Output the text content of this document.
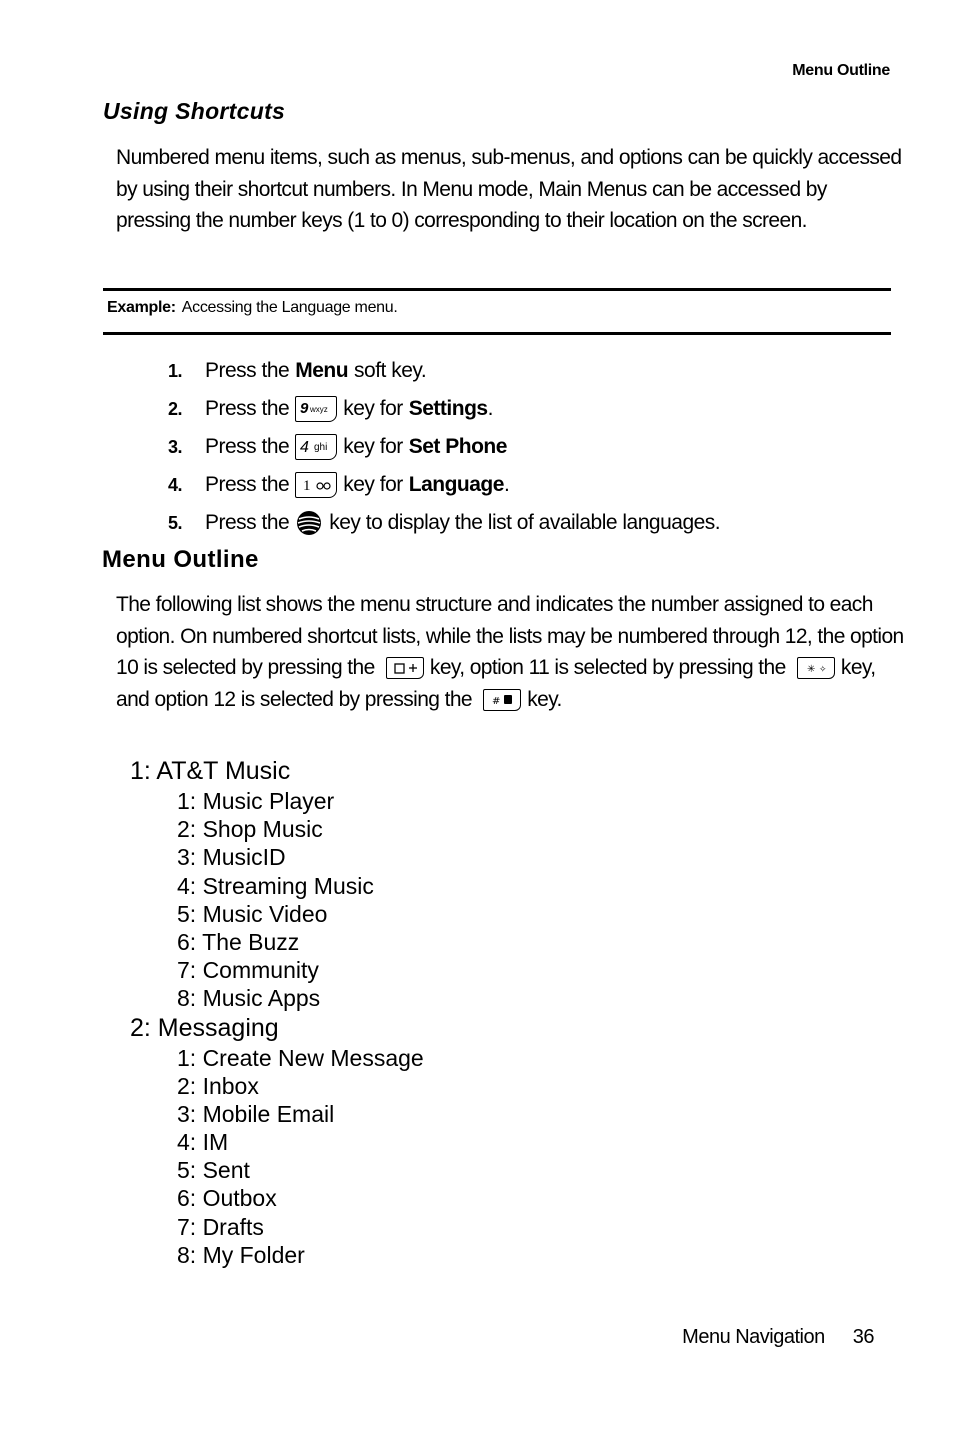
Menu Outline
Using Shortcuts
Numbered menu items, such as menus, sub-menus, and options can be quickly accessed by using their shortcut numbers. In Menu mode, Main Menus can be accessed by pressing the number keys (1 to 0) corresponding to their location on the screen.
Example: Accessing the Language menu.
1. Press the Menu soft key.
2. Press the 9 wxyz key for Settings.
3. Press the 4 ghi key for Set Phone
4. Press the 1 key for Language.
5. Press the key to display the list of available languages.
Menu Outline
The following list shows the menu structure and indicates the number assigned to each option. On numbered shortcut lists, while the lists may be numbered through 12, the option 10 is selected by pressing the	key, option 11 is selected by pressing the ✳ ✧ key, and option 12 is selected by pressing the # key.
1: AT&T Music
1: Music Player
2: Shop Music
3: MusicID
4: Streaming Music
5: Music Video
6: The Buzz
7: Community
8: Music Apps
2: Messaging
1: Create New Message
2: Inbox
3: Mobile Email
4: IM
5: Sent
6: Outbox
7: Drafts
8: My Folder
Menu Navigation 36
